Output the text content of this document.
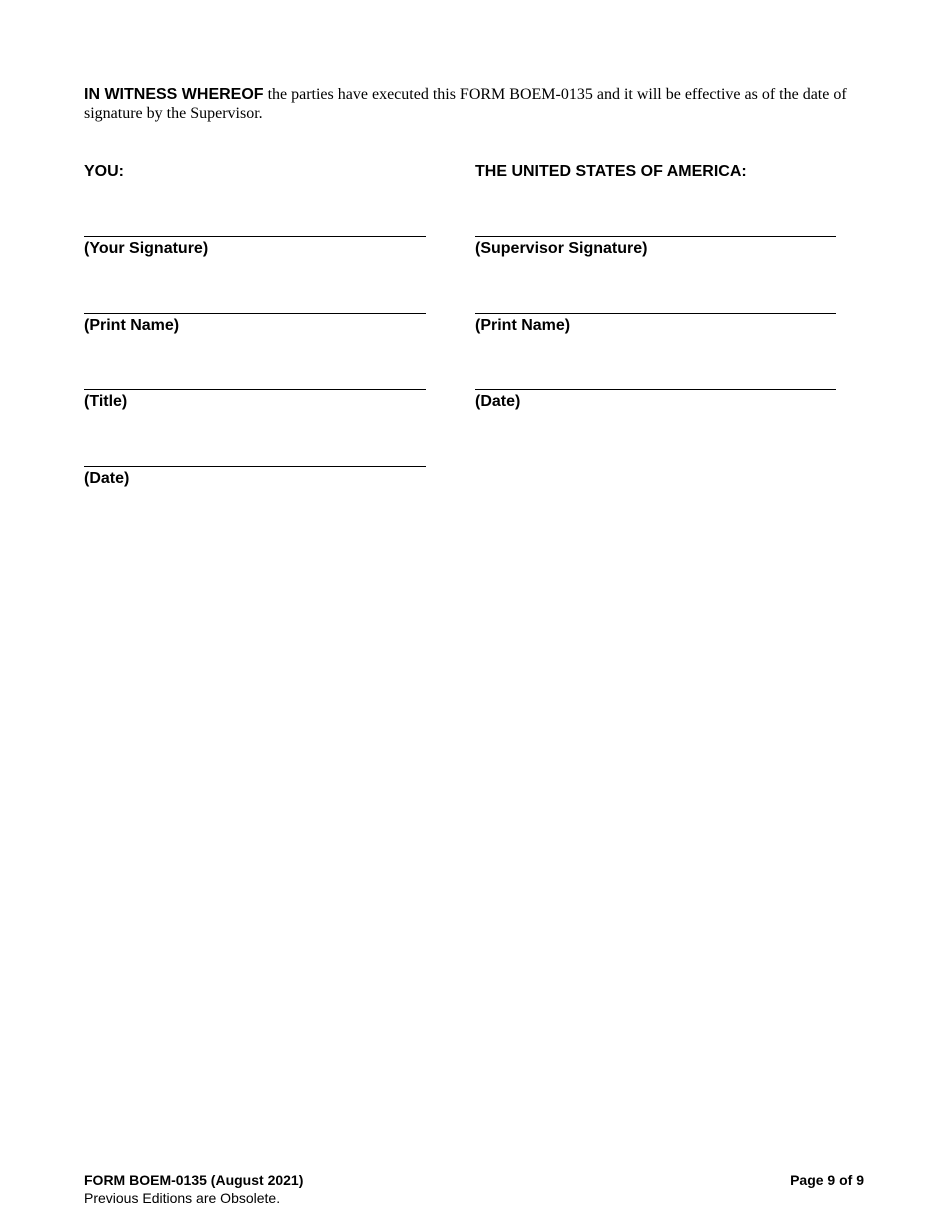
IN WITNESS WHEREOF the parties have executed this FORM BOEM-0135 and it will be effective as of the date of signature by the Supervisor.
YOU:
(Your Signature)
(Print Name)
(Title)
(Date)
THE UNITED STATES OF AMERICA:
(Supervisor Signature)
(Print Name)
(Date)
FORM BOEM-0135 (August 2021)
Previous Editions are Obsolete.
Page 9 of 9
